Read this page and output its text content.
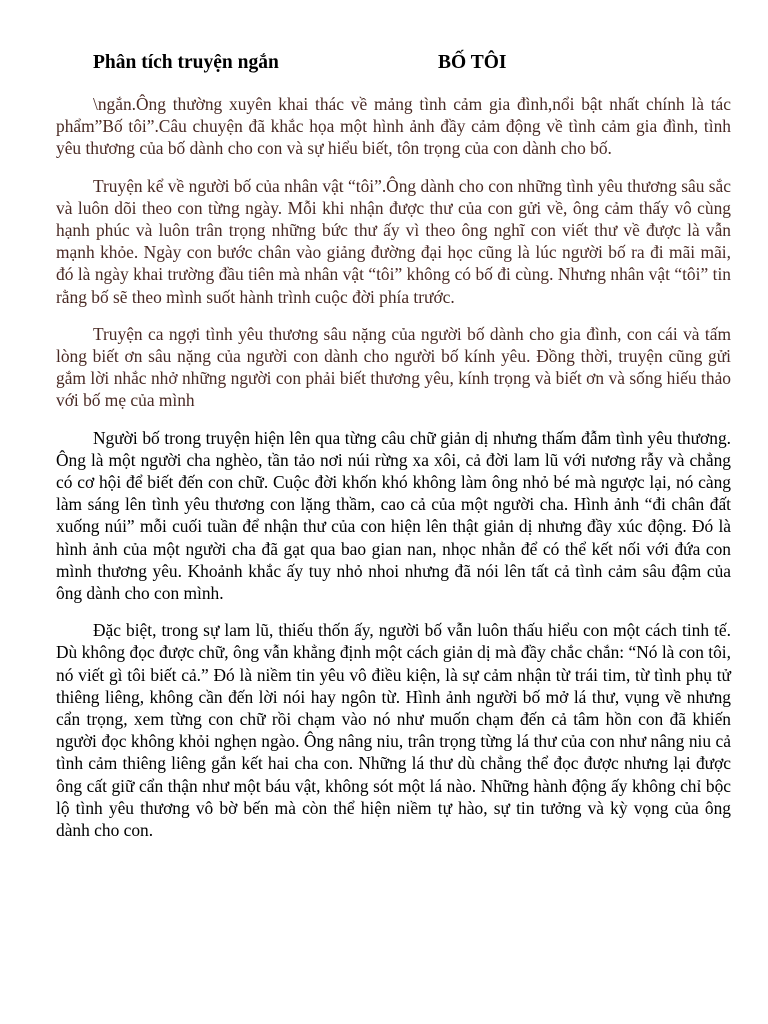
Phân tích truyện ngắn	BỐ TÔI

\ngắn.Ông thường xuyên khai thác về mảng tình cảm gia đình,nổi bật nhất chính là tác phẩm”Bố tôi”.Câu chuyện đã khắc họa một hình ảnh đầy cảm động về tình cảm gia đình, tình yêu thương của bố dành cho con và sự hiểu biết, tôn trọng của con dành cho bố.

Truyện kể về người bố của nhân vật “tôi”.Ông dành cho con những tình yêu thương sâu sắc và luôn dõi theo con từng ngày. Mỗi khi nhận được thư của con gửi về, ông cảm thấy vô cùng hạnh phúc và luôn trân trọng những bức thư ấy vì theo ông nghĩ con viết thư về được là vẫn mạnh khỏe. Ngày con bước chân vào giảng đường đại học cũng là lúc người bố ra đi mãi mãi, đó là ngày khai trường đầu tiên mà nhân vật “tôi” không có bố đi cùng. Nhưng nhân vật “tôi” tin rằng bố sẽ theo mình suốt hành trình cuộc đời phía trước.

Truyện ca ngợi tình yêu thương sâu nặng của người bố dành cho gia đình, con cái và tấm lòng biết ơn sâu nặng của người con dành cho người bố kính yêu. Đồng thời, truyện cũng gửi gắm lời nhắc nhở những người con phải biết thương yêu, kính trọng và biết ơn và sống hiếu thảo với bố mẹ của mình

Người bố trong truyện hiện lên qua từng câu chữ giản dị nhưng thấm đẫm tình yêu thương. Ông là một người cha nghèo, tần tảo nơi núi rừng xa xôi, cả đời lam lũ với nương rẫy và chẳng có cơ hội để biết đến con chữ. Cuộc đời khốn khó không làm ông nhỏ bé mà ngược lại, nó càng làm sáng lên tình yêu thương con lặng thầm, cao cả của một người cha. Hình ảnh “đi chân đất xuống núi” mỗi cuối tuần để nhận thư của con hiện lên thật giản dị nhưng đầy xúc động. Đó là hình ảnh của một người cha đã gạt qua bao gian nan, nhọc nhằn để có thể kết nối với đứa con mình thương yêu. Khoảnh khắc ấy tuy nhỏ nhoi nhưng đã nói lên tất cả tình cảm sâu đậm của ông dành cho con mình.

Đặc biệt, trong sự lam lũ, thiếu thốn ấy, người bố vẫn luôn thấu hiểu con một cách tinh tế. Dù không đọc được chữ, ông vẫn khẳng định một cách giản dị mà đầy chắc chắn: “Nó là con tôi, nó viết gì tôi biết cả.” Đó là niềm tin yêu vô điều kiện, là sự cảm nhận từ trái tim, từ tình phụ tử thiêng liêng, không cần đến lời nói hay ngôn từ. Hình ảnh người bố mở lá thư, vụng về nhưng cẩn trọng, xem từng con chữ rồi chạm vào nó như muốn chạm đến cả tâm hồn con đã khiến người đọc không khỏi nghẹn ngào. Ông nâng niu, trân trọng từng lá thư của con như nâng niu cả tình cảm thiêng liêng gắn kết hai cha con. Những lá thư dù chẳng thể đọc được nhưng lại được ông cất giữ cẩn thận như một báu vật, không sót một lá nào. Những hành động ấy không chỉ bộc lộ tình yêu thương vô bờ bến mà còn thể hiện niềm tự hào, sự tin tưởng và kỳ vọng của ông dành cho con.
